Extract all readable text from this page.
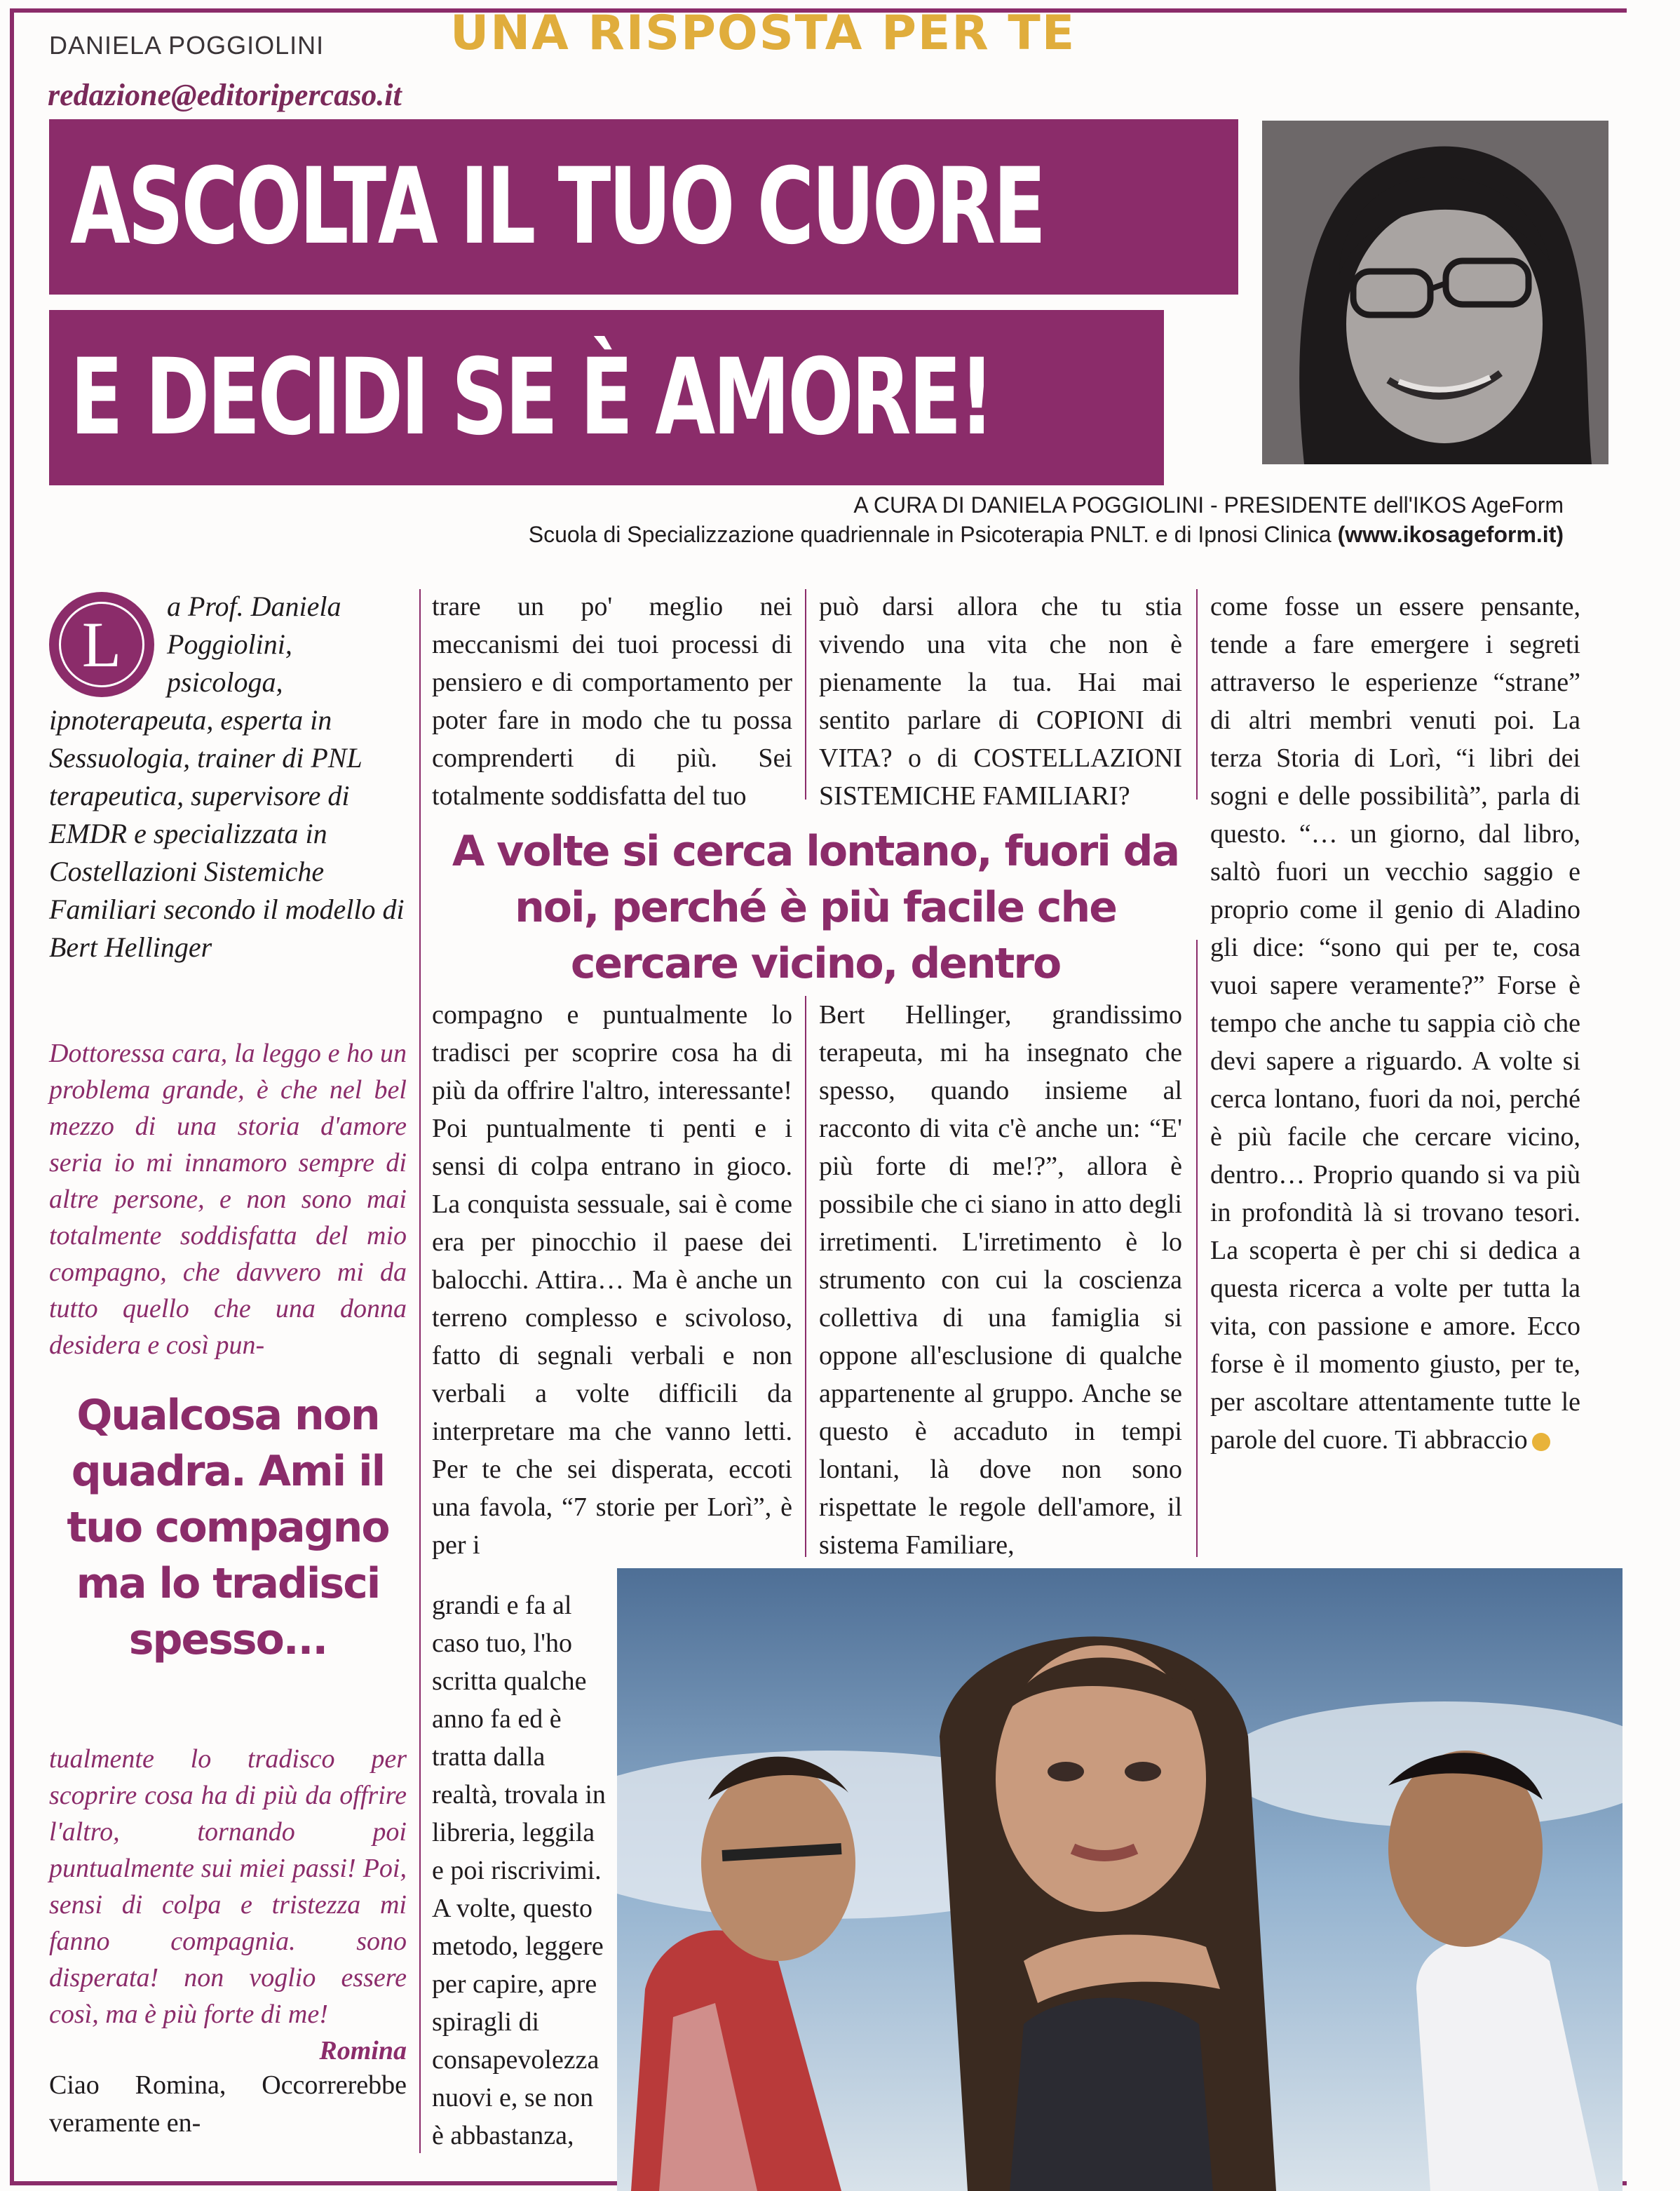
DANIELA POGGIOLINI	UNA RISPOSTA PER TE
redazione@editoripercaso.it
ASCOLTA IL TUO CUORE
E DECIDI SE È AMORE!
A CURA DI DANIELA POGGIOLINI - PRESIDENTE dell'IKOS AgeForm
Scuola di Specializzazione quadriennale in Psicoterapia PNLT. e di Ipnosi Clinica (www.ikosageform.it)
L

a Prof. Daniela Poggiolini, psicologa, ipnoterapeuta, esperta in Sessuologia, trainer di PNL terapeutica, supervisore di EMDR e specializzata in Costellazioni Sistemiche Familiari secondo il modello di Bert Hellinger

Dottoressa cara, la leggo e ho un problema grande, è che nel bel mezzo di una storia d'amore seria io mi innamoro sempre di altre persone, e non sono mai totalmente soddisfatta del mio compagno, che davvero mi da tutto quello che una donna desidera e così pun-

Qualcosa non quadra. Ami il tuo compagno ma lo tradisci spesso...

tualmente lo tradisco per scoprire cosa ha di più da offrire l'altro, tornando poi puntualmente sui miei passi! Poi, sensi di colpa e tristezza mi fanno compagnia. sono disperata! non voglio essere così, ma è più forte di me!
Romina

Ciao Romina, Occorrerebbe veramente en-

trare un po' meglio nei meccanismi dei tuoi processi di pensiero e di comportamento per poter fare in modo che tu possa comprenderti di più. Sei totalmente soddisfatta del tuo

può darsi allora che tu stia vivendo una vita che non è pienamente la tua. Hai mai sentito parlare di COPIONI di VITA? o di COSTELLAZIONI SISTEMICHE FAMILIARI?

come fosse un essere pensante, tende a fare emergere i segreti attraverso le esperienze “strane” di altri membri venuti poi. La terza Storia di Lorì, “i libri dei sogni e delle possibilità”, parla di questo. “… un giorno, dal libro, saltò fuori un vecchio saggio e proprio come il genio di Aladino gli dice: “sono qui per te, cosa vuoi sapere veramente?” Forse è tempo che anche tu sappia ciò che devi sapere a riguardo. A volte si cerca lontano, fuori da noi, perché è più facile che cercare vicino, dentro… Proprio quando si va più in profondità là si trovano tesori. La scoperta è per chi si dedica a questa ricerca a volte per tutta la vita, con passione e amore. Ecco forse è il momento giusto, per te, per ascoltare attentamente tutte le parole del cuore. Ti abbraccio

A volte si cerca lontano, fuori da noi, perché è più facile che cercare vicino, dentro

compagno e puntualmente lo tradisci per scoprire cosa ha di più da offrire l'altro, interessante! Poi puntualmente ti penti e i sensi di colpa entrano in gioco. La conquista sessuale, sai è come era per pinocchio il paese dei balocchi. Attira… Ma è anche un terreno complesso e scivoloso, fatto di segnali verbali e non verbali a volte difficili da interpretare ma che vanno letti. Per te che sei disperata, eccoti una favola, “7 storie per Lorì”, è per i

grandi e fa al caso tuo, l'ho scritta qualche anno fa ed è tratta dalla realtà, trovala in libreria, leggila e poi riscrivimi. A volte, questo metodo, leggere per capire, apre spiragli di consapevolezza nuovi e, se non è abbastanza,

Bert Hellinger, grandissimo terapeuta, mi ha insegnato che spesso, quando insieme al racconto di vita c'è anche un: “E' più forte di me!?”, allora è possibile che ci siano in atto degli irretimenti. L'irretimento è lo strumento con cui la coscienza collettiva di una famiglia si oppone all'esclusione di qualche appartenente al gruppo. Anche se questo è accaduto in tempi lontani, là dove non sono rispettate le regole dell'amore, il sistema Familiare,
